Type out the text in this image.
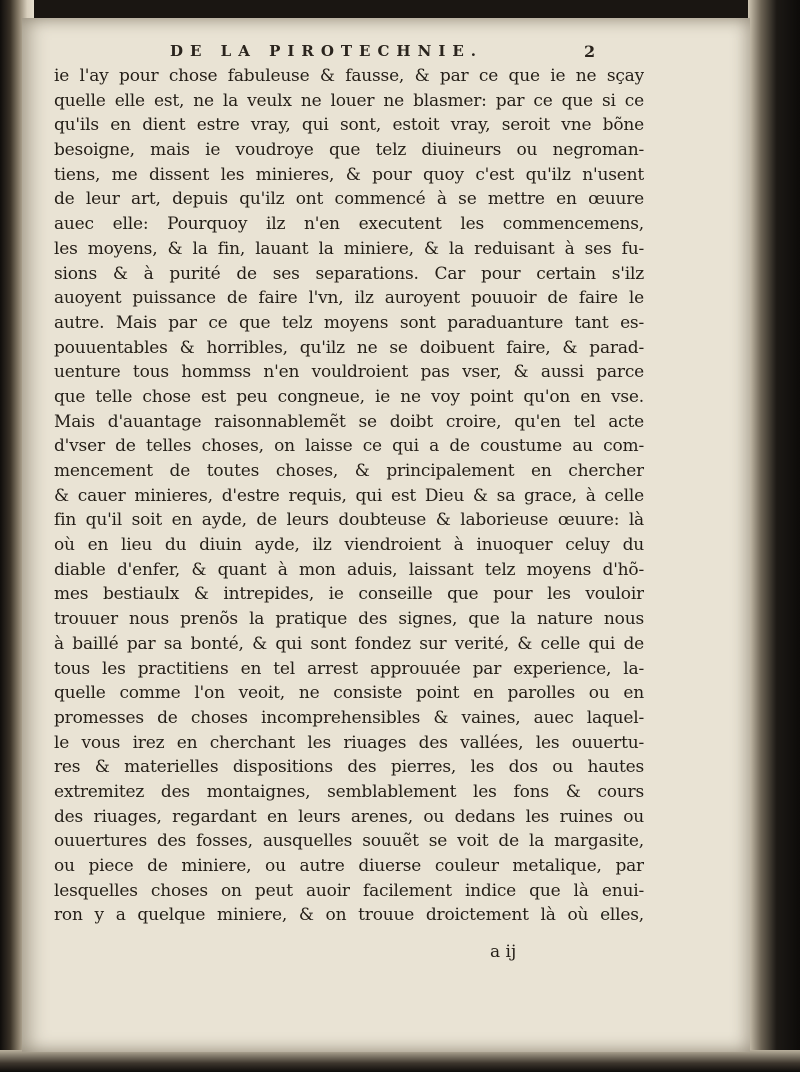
DE LA PIROTECHNIE.	2
ie l'ay pour chose fabuleuse & fausse, & par ce que ie ne sçay
quelle elle est, ne la veulx ne louer ne blasmer: par ce que si ce
qu'ils en dient estre vray, qui sont, estoit vray, seroit vne bõne
besoigne, mais ie voudroye que telz diuineurs ou negroman-
tiens, me dissent les minieres, & pour quoy c'est qu'ilz n'usent
de leur art, depuis qu'ilz ont commencé à se mettre en œuure
auec elle: Pourquoy ilz n'en executent les commencemens,
les moyens, & la fin, lauant la miniere, & la reduisant à ses fu-
sions & à purité de ses separations. Car pour certain s'ilz
auoyent puissance de faire l'vn, ilz auroyent pouuoir de faire le
autre. Mais par ce que telz moyens sont paraduanture tant es-
pouuentables & horribles, qu'ilz ne se doibuent faire, & parad-
uenture tous hommss n'en vouldroient pas vser, & aussi parce
que telle chose est peu congneue, ie ne voy point qu'on en vse.
Mais d'auantage raisonnablemẽt se doibt croire, qu'en tel acte
d'vser de telles choses, on laisse ce qui a de coustume au com-
mencement de toutes choses, & principalement en chercher
& cauer minieres, d'estre requis, qui est Dieu & sa grace, à celle
fin qu'il soit en ayde, de leurs doubteuse & laborieuse œuure: là
où en lieu du diuin ayde, ilz viendroient à inuoquer celuy du
diable d'enfer, & quant à mon aduis, laissant telz moyens d'hõ-
mes bestiaulx & intrepides, ie conseille que pour les vouloir
trouuer nous prenõs la pratique des signes, que la nature nous
à baillé par sa bonté, & qui sont fondez sur verité, & celle qui de
tous les practitiens en tel arrest approuuée par experience, la-
quelle comme l'on veoit, ne consiste point en parolles ou en
promesses de choses incomprehensibles & vaines, auec laquel-
le vous irez en cherchant les riuages des vallées, les ouuertu-
res & materielles dispositions des pierres, les dos ou hautes
extremitez des montaignes, semblablement les fons & cours
des riuages, regardant en leurs arenes, ou dedans les ruines ou
ouuertures des fosses, ausquelles souuẽt se voit de la margasite,
ou piece de miniere, ou autre diuerse couleur metalique, par
lesquelles choses on peut auoir facilement indice que là enui-
ron y a quelque miniere, & on trouue droictement là où elles,
a ij
